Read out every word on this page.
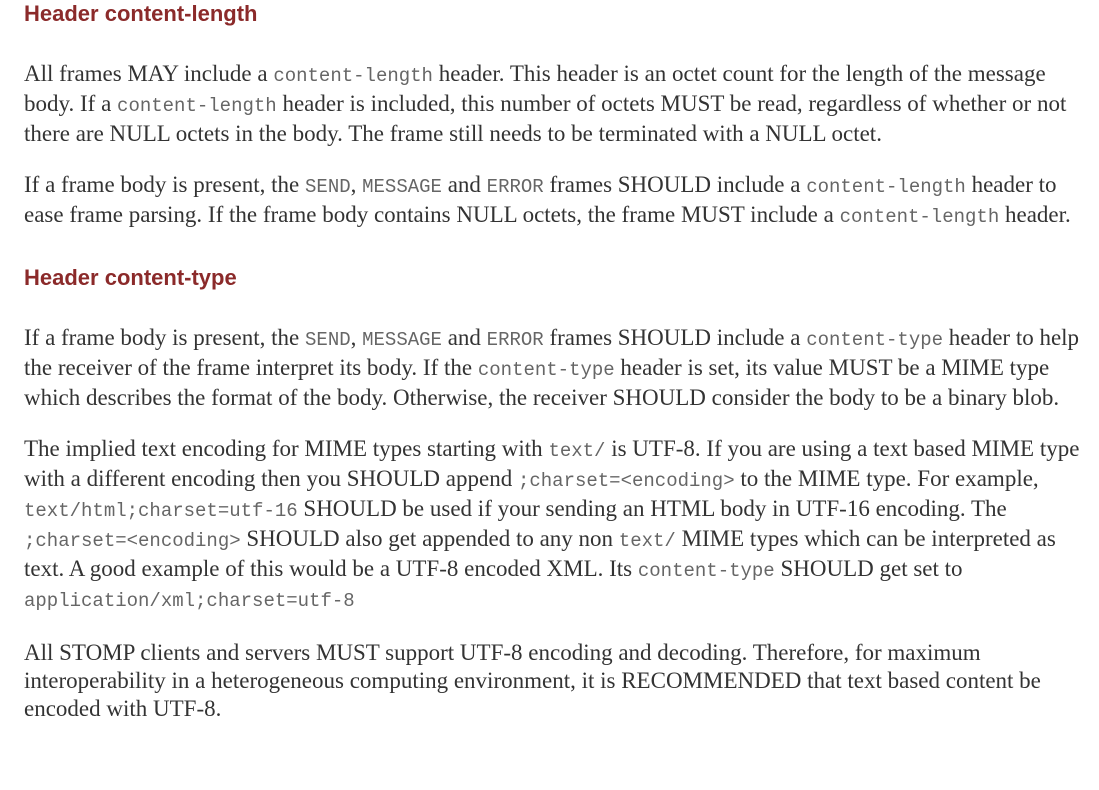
Header content-length

All frames MAY include a content-length header. This header is an octet count for the length of the message body. If a content-length header is included, this number of octets MUST be read, regardless of whether or not there are NULL octets in the body. The frame still needs to be terminated with a NULL octet.

If a frame body is present, the SEND, MESSAGE and ERROR frames SHOULD include a content-length header to ease frame parsing. If the frame body contains NULL octets, the frame MUST include a content-length header.

Header content-type

If a frame body is present, the SEND, MESSAGE and ERROR frames SHOULD include a content-type header to help the receiver of the frame interpret its body. If the content-type header is set, its value MUST be a MIME type which describes the format of the body. Otherwise, the receiver SHOULD consider the body to be a binary blob.

The implied text encoding for MIME types starting with text/ is UTF-8. If you are using a text based MIME type with a different encoding then you SHOULD append ;charset=<encoding> to the MIME type. For example, text/html;charset=utf-16 SHOULD be used if your sending an HTML body in UTF-16 encoding. The ;charset=<encoding> SHOULD also get appended to any non text/ MIME types which can be interpreted as text. A good example of this would be a UTF-8 encoded XML. Its content-type SHOULD get set to application/xml;charset=utf-8

All STOMP clients and servers MUST support UTF-8 encoding and decoding. Therefore, for maximum interoperability in a heterogeneous computing environment, it is RECOMMENDED that text based content be encoded with UTF-8.
